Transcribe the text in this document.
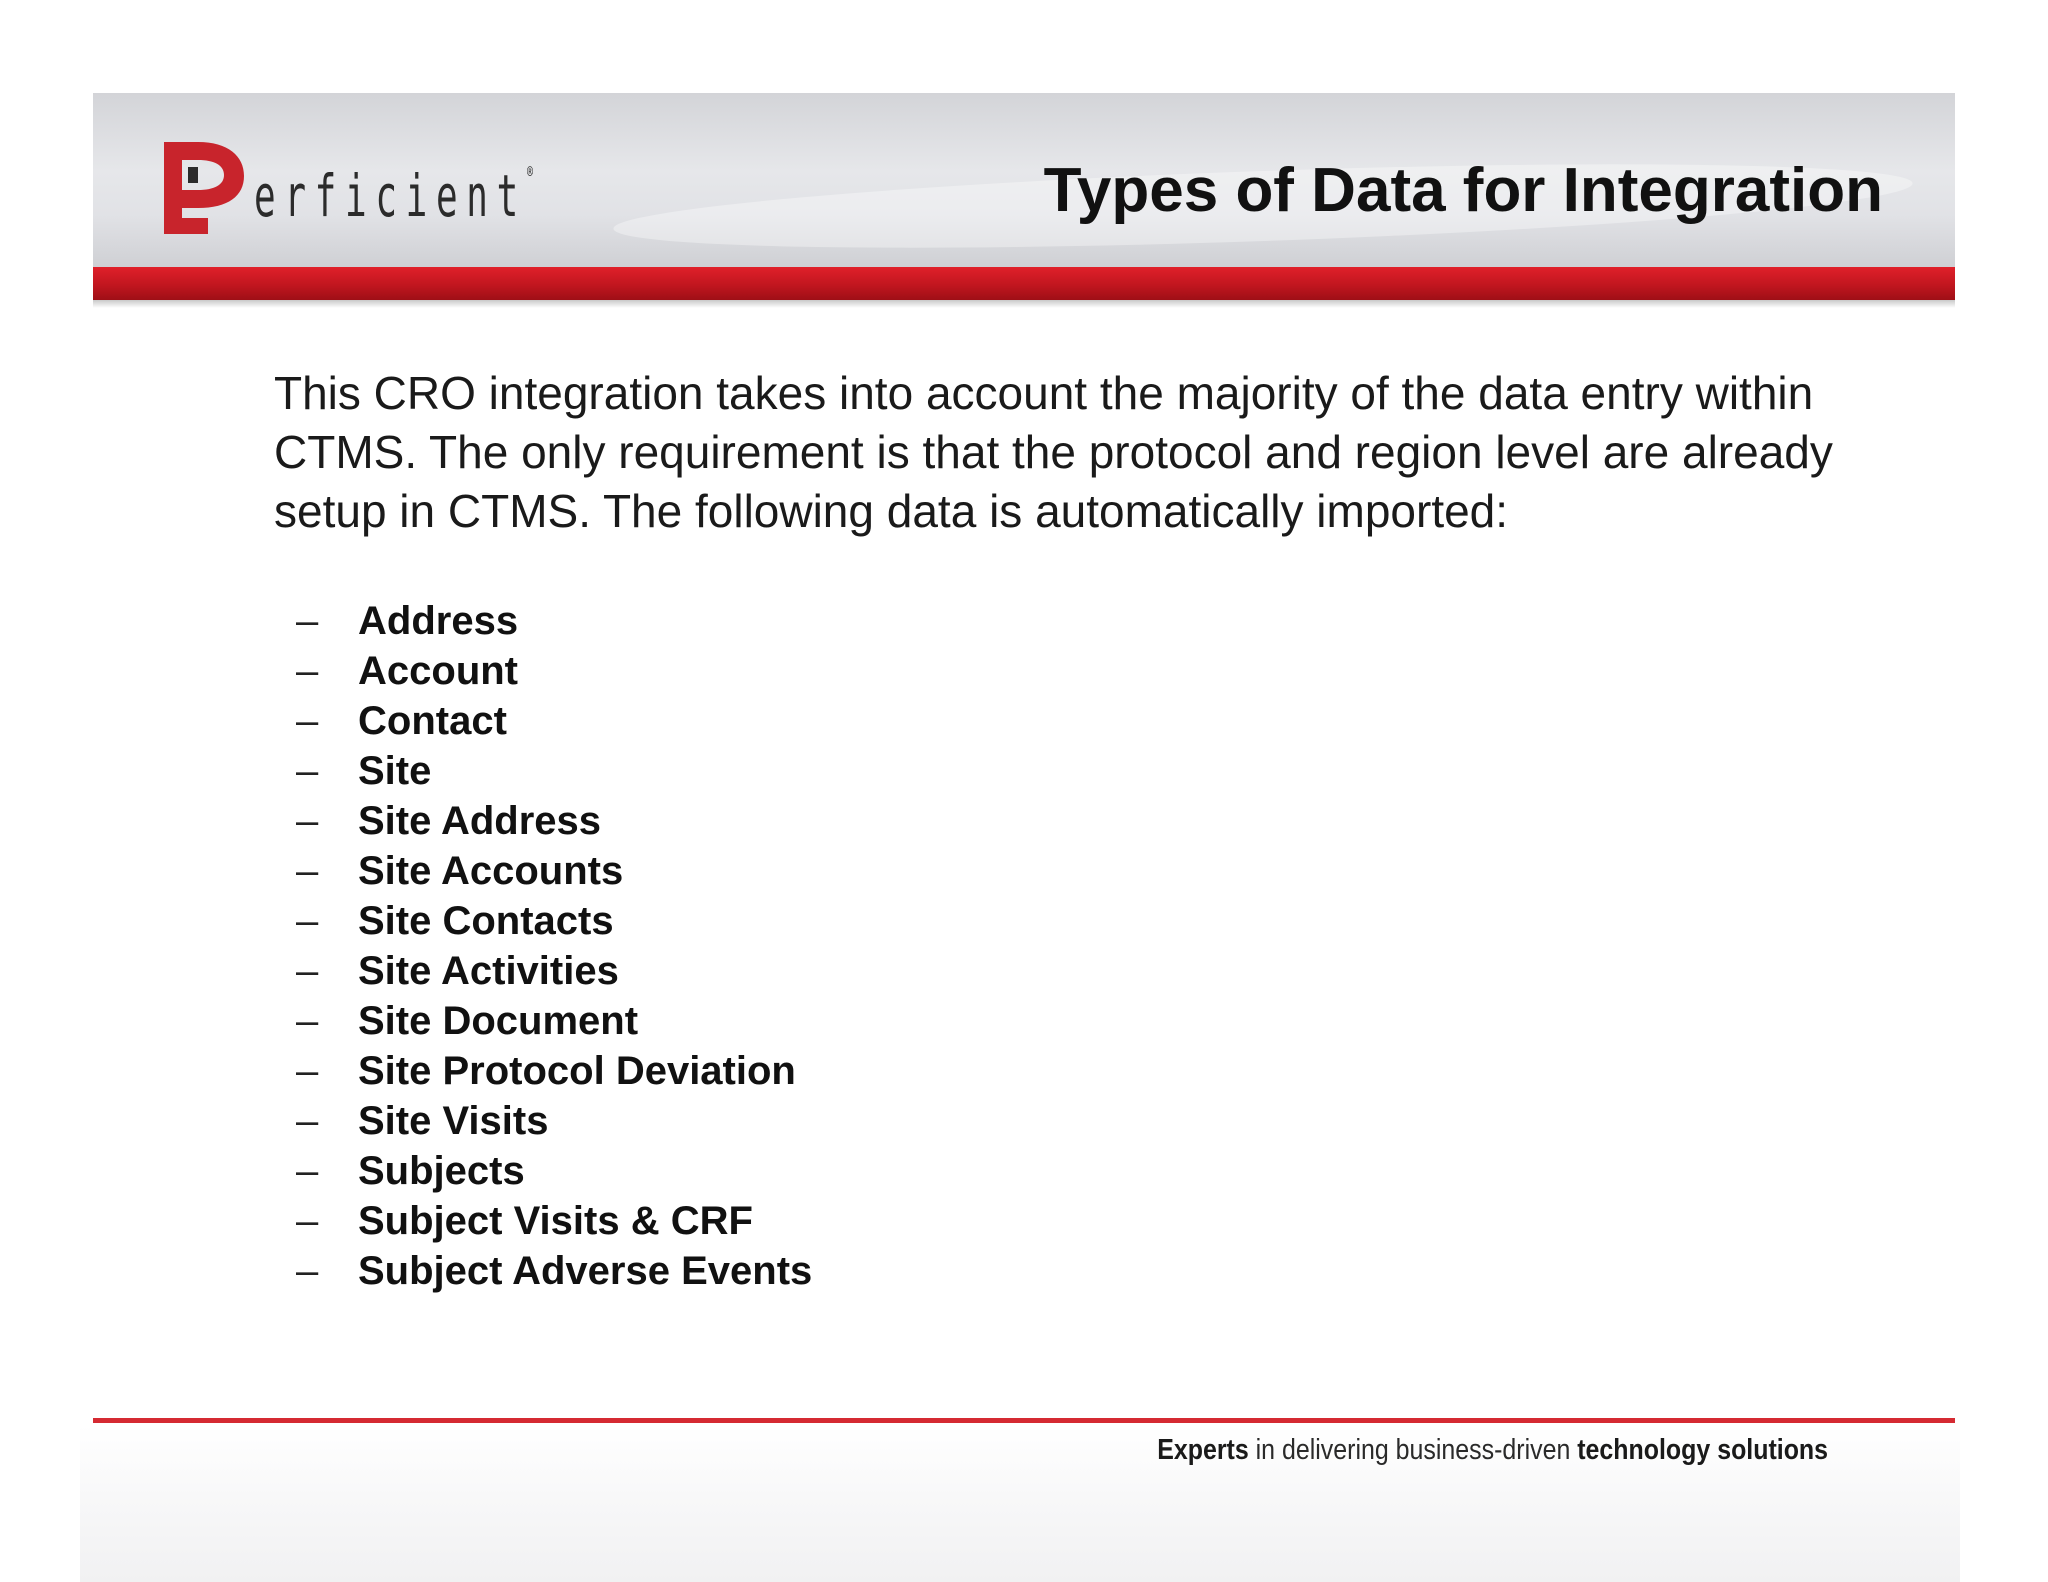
erficient®	Types of Data for Integration

This CRO integration takes into account the majority of the data entry within CTMS. The only requirement is that the protocol and region level are already setup in CTMS. The following data is automatically imported:

– Address
– Account
– Contact
– Site
– Site Address
– Site Accounts
– Site Contacts
– Site Activities
– Site Document
– Site Protocol Deviation
– Site Visits
– Subjects
– Subject Visits & CRF
– Subject Adverse Events
Experts in delivering business-driven technology solutions
